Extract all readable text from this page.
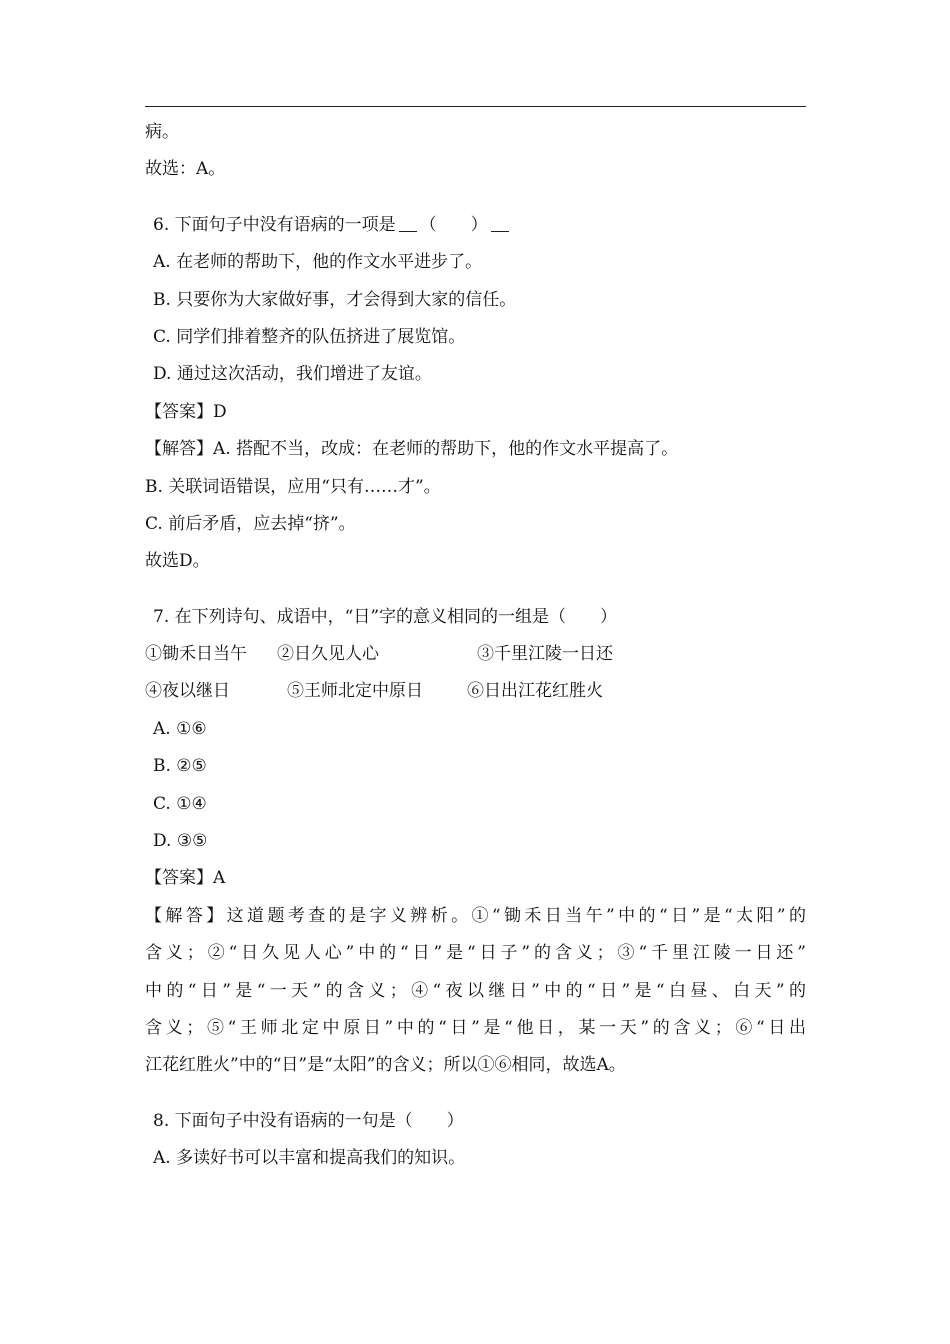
病。
故选：A。
6. 下面句子中没有语病的一项是 （　　）
A. 在老师的帮助下，他的作文水平进步了。
B. 只要你为大家做好事，才会得到大家的信任。
C. 同学们排着整齐的队伍挤进了展览馆。
D. 通过这次活动，我们增进了友谊。
【答案】D
【解答】A. 搭配不当，改成：在老师的帮助下，他的作文水平提高了。
B. 关联词语错误，应用“只有……才”。
C. 前后矛盾，应去掉“挤”。
故选D。
7. 在下列诗句、成语中，“日”字的意义相同的一组是（　　）
①锄禾日当午 ②日久见人心	③千里江陵一日还
④夜以继日	⑤王师北定中原日	⑥日出江花红胜火
A. ①⑥
B. ②⑤
C. ①④
D. ③⑤
【答案】A
【解答】这道题考查的是字义辨析。①“锄禾日当午”中的“日”是“太阳”的
含义；②“日久见人心”中的“日”是“日子”的含义；③“千里江陵一日还”
中的“日”是“一天”的含义；④“夜以继日”中的“日”是“白昼、白天”的
含义；⑤“王师北定中原日”中的“日”是“他日，某一天”的含义；⑥“日出
江花红胜火”中的“日”是“太阳”的含义；所以①⑥相同，故选A。
8. 下面句子中没有语病的一句是（　　）
A. 多读好书可以丰富和提高我们的知识。
